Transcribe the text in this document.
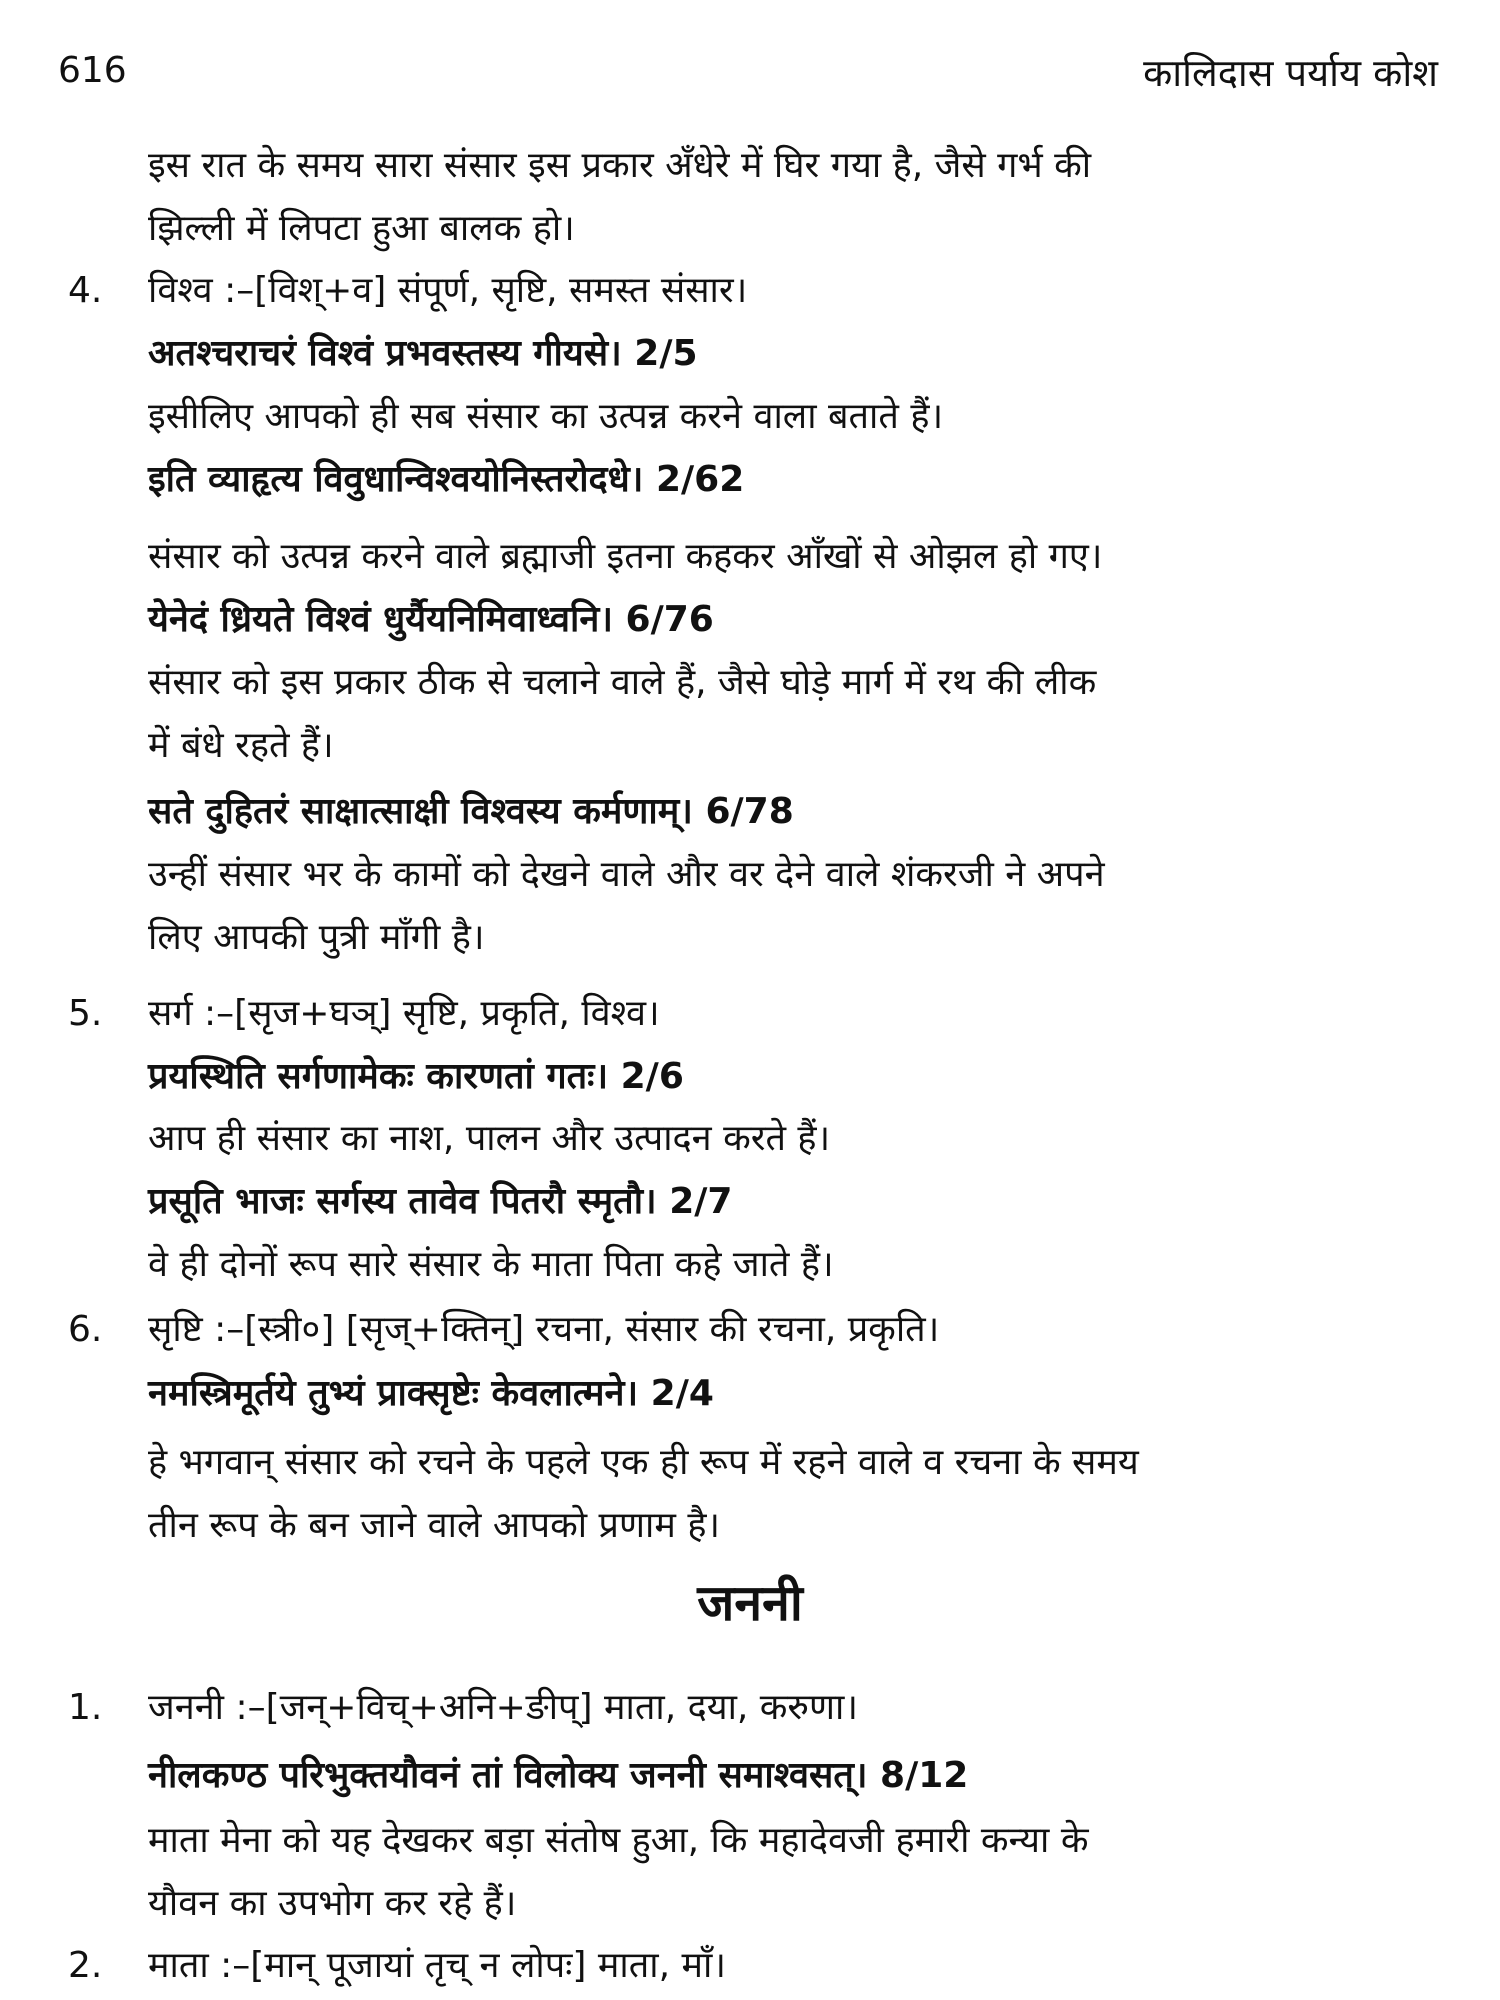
616	कालिदास पर्याय कोश
इस रात के समय सारा संसार इस प्रकार अँधेरे में घिर गया है, जैसे गर्भ की
झिल्ली में लिपटा हुआ बालक हो।
4.	विश्व :–[विश्+व] संपूर्ण, सृष्टि, समस्त संसार।
अतश्चराचरं विश्वं प्रभवस्तस्य गीयसे। 2/5
इसीलिए आपको ही सब संसार का उत्पन्न करने वाला बताते हैं।
इति व्याहृत्य विवुधान्विश्वयोनिस्तरोदधे। 2/62
संसार को उत्पन्न करने वाले ब्रह्माजी इतना कहकर आँखों से ओझल हो गए।
येनेदं ध्रियते विश्वं धुर्यैयनिमिवाध्वनि। 6/76
संसार को इस प्रकार ठीक से चलाने वाले हैं, जैसे घोड़े मार्ग में रथ की लीक
में बंधे रहते हैं।
सते दुहितरं साक्षात्साक्षी विश्वस्य कर्मणाम्। 6/78
उन्हीं संसार भर के कामों को देखने वाले और वर देने वाले शंकरजी ने अपने
लिए आपकी पुत्री माँगी है।
5.	सर्ग :–[सृज+घञ्] सृष्टि, प्रकृति, विश्व।
प्रयस्थिति सर्गणामेकः कारणतां गतः। 2/6
आप ही संसार का नाश, पालन और उत्पादन करते हैं।
प्रसूति भाजः सर्गस्य तावेव पितरौ स्मृतौ। 2/7
वे ही दोनों रूप सारे संसार के माता पिता कहे जाते हैं।
6.	सृष्टि :–[स्त्री०] [सृज्+क्तिन्] रचना, संसार की रचना, प्रकृति।
नमस्त्रिमूर्तये तुभ्यं प्राक्सृष्टेः केवलात्मने। 2/4
हे भगवान् संसार को रचने के पहले एक ही रूप में रहने वाले व रचना के समय
तीन रूप के बन जाने वाले आपको प्रणाम है।
जननी
1.	जननी :–[जन्+विच्+अनि+ङीप्] माता, दया, करुणा।
नीलकण्ठ परिभुक्तयौवनं तां विलोक्य जननी समाश्वसत्। 8/12
माता मेना को यह देखकर बड़ा संतोष हुआ, कि महादेवजी हमारी कन्या के
यौवन का उपभोग कर रहे हैं।
2.	माता :–[मान् पूजायां तृच् न लोपः] माता, माँ।
